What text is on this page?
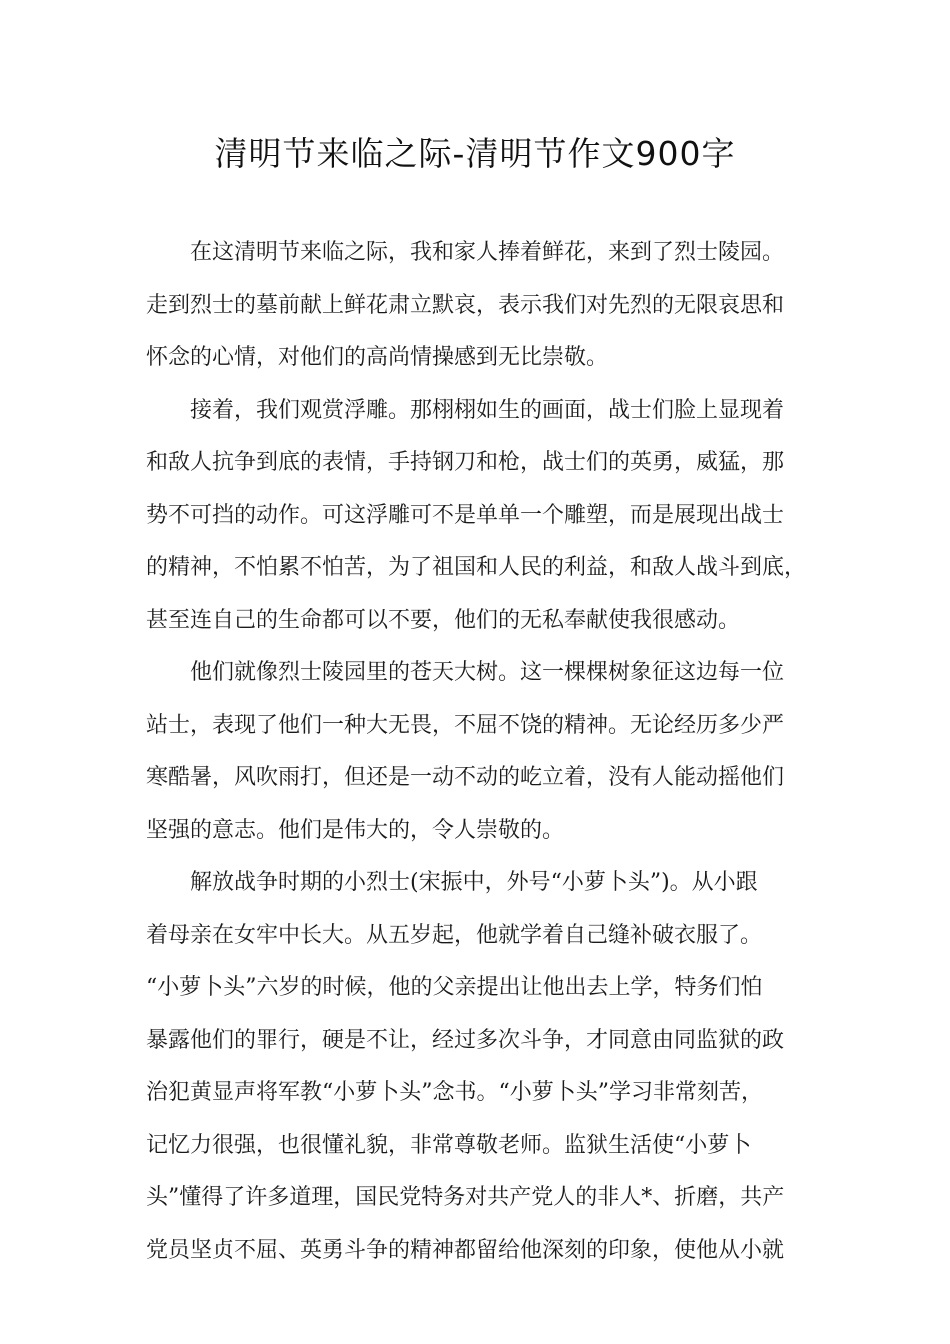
清明节来临之际-清明节作文900字

　　在这清明节来临之际，我和家人捧着鲜花，来到了烈士陵园。
走到烈士的墓前献上鲜花肃立默哀，表示我们对先烈的无限哀思和
怀念的心情，对他们的高尚情操感到无比崇敬。

　　接着，我们观赏浮雕。那栩栩如生的画面，战士们脸上显现着
和敌人抗争到底的表情，手持钢刀和枪，战士们的英勇，威猛，那
势不可挡的动作。可这浮雕可不是单单一个雕塑，而是展现出战士
的精神，不怕累不怕苦，为了祖国和人民的利益，和敌人战斗到底，
甚至连自己的生命都可以不要，他们的无私奉献使我很感动。

　　他们就像烈士陵园里的苍天大树。这一棵棵树象征这边每一位
站士，表现了他们一种大无畏，不屈不饶的精神。无论经历多少严
寒酷暑，风吹雨打，但还是一动不动的屹立着，没有人能动摇他们
坚强的意志。他们是伟大的，令人崇敬的。

　　解放战争时期的小烈士(宋振中，外号“小萝卜头”)。从小跟
着母亲在女牢中长大。从五岁起，他就学着自己缝补破衣服了。
“小萝卜头”六岁的时候，他的父亲提出让他出去上学，特务们怕
暴露他们的罪行，硬是不让，经过多次斗争，才同意由同监狱的政
治犯黄显声将军教“小萝卜头”念书。“小萝卜头”学习非常刻苦，
记忆力很强，也很懂礼貌，非常尊敬老师。监狱生活使“小萝卜
头”懂得了许多道理，国民党特务对共产党人的非人*、折磨，共产
党员坚贞不屈、英勇斗争的精神都留给他深刻的印象，使他从小就
